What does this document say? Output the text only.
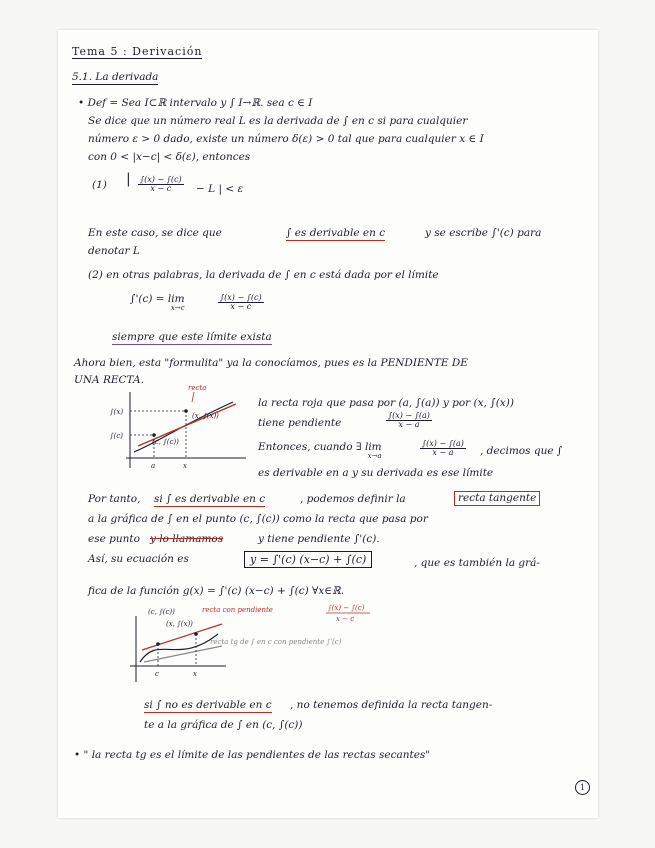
Tema 5 : Derivación
5.1. La derivada
• Def = Sea I⊂ℝ intervalo y ∫ I→ℝ. sea c ∈ I
Se dice que un número real L es la derivada de ∫ en c si para cualquier
número ε > 0 dado, existe un número δ(ε) > 0 tal que para cualquier x ∈ I
con 0 < |x−c| < δ(ε), entonces
(1) | $\frac{\int(x) - \int(c)}{x - c} - L$ | < ε
En este caso, se dice que	∫ es derivable en c	y se escribe ∫'(c) para
denotar L
(2) en otras palabras, la derivada de ∫ en c está dada por el límite
∫'(c) = lim
x→c	$\frac{\int(x) - \int(c)}{x - c}$
siempre que este límite exista
Ahora bien, esta "formulita" ya la conocíamos, pues es la PENDIENTE DE
UNA RECTA.
recta
(x, ∫(x))
(c, ∫(c))
∫(x)
∫(c)
a	x
la recta roja que pasa por (a, ∫(a)) y por (x, ∫(x))
tiene pendiente	$\frac{\int(x) - \int(a)}{x - a}$
Entonces, cuando ∃ lim
x→a	$\frac{\int(x) - \int(a)}{x - a}$ , decimos que ∫
es derivable en a y su derivada es ese límite
Por tanto, si ∫ es derivable en c	, podemos definir la	recta tangente
a la gráfica de ∫ en el punto (c, ∫(c)) como la recta que pasa por
ese punto y lo llamamos	y tiene pendiente ∫'(c).
Así, su ecuación es	y = ∫'(c) (x−c) + ∫(c)	, que es también la grá-
fica de la función g(x) = ∫'(c) (x−c) + ∫(c) ∀x∈ℝ.
(c, ∫(c))
(x, ∫(x))
recta con pendiente	∫(x) − ∫(c)
x − c
recta tg de ∫ en c con pendiente ∫'(c)
c	x
si ∫ no es derivable en c , no tenemos definida la recta tangen-
te a la gráfica de ∫ en (c, ∫(c))
• " la recta tg es el límite de las pendientes de las rectas secantes"
1
